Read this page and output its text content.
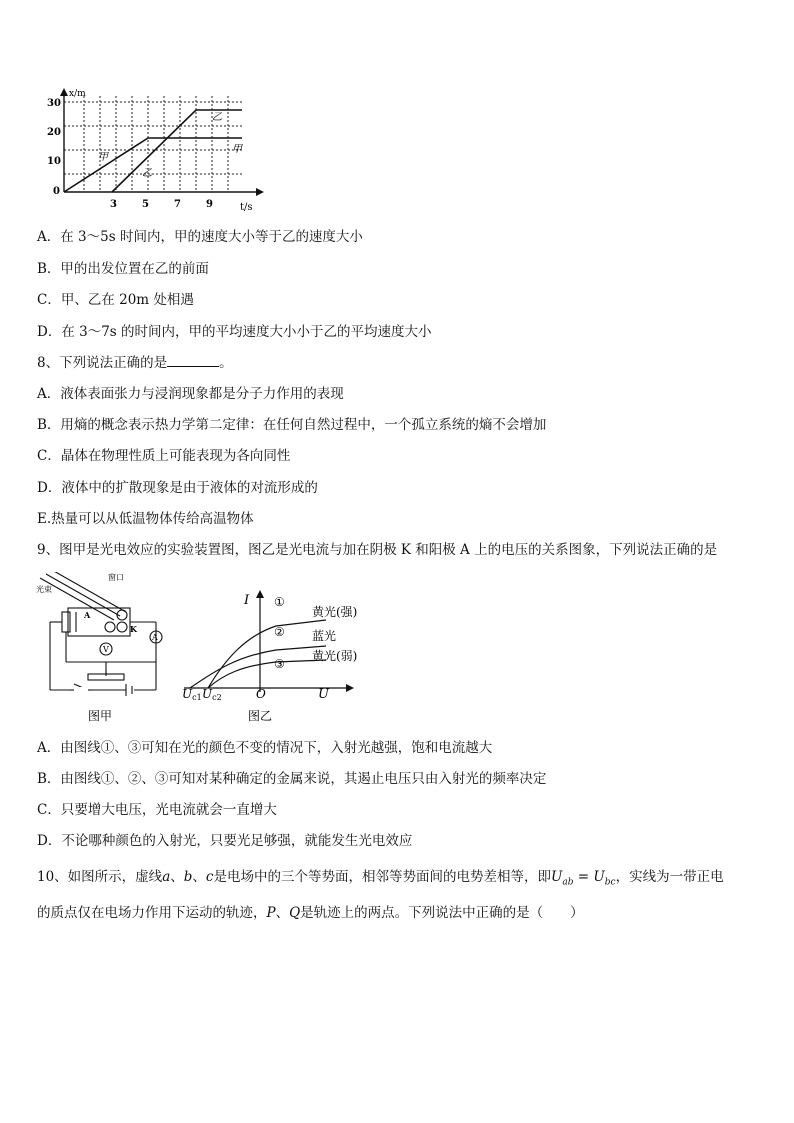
x/m
t/s
30
20
10
0
3	5	7	9
甲
甲
乙
乙
A．在 3～5s 时间内，甲的速度大小等于乙的速度大小
B．甲的出发位置在乙的前面
C．甲、乙在 20m 处相遇
D．在 3～7s 的时间内，甲的平均速度大小小于乙的平均速度大小
8、下列说法正确的是	。
A．液体表面张力与浸润现象都是分子力作用的表现
B．用熵的概念表示热力学第二定律：在任何自然过程中，一个孤立系统的熵不会增加
C．晶体在物理性质上可能表现为各向同性
D．液体中的扩散现象是由于液体的对流形成的
E.热量可以从低温物体传给高温物体
9、图甲是光电效应的实验装置图，图乙是光电流与加在阴极 K 和阳极 A 上的电压的关系图象，下列说法正确的是
光束
窗口
A
K
A
V
图甲
I
U
O
Uc1 Uc2
①
②
③
黄光(强)
蓝光
黄光(弱)
图乙
A．由图线①、③可知在光的颜色不变的情况下，入射光越强，饱和电流越大
B．由图线①、②、③可知对某种确定的金属来说，其遏止电压只由入射光的频率决定
C．只要增大电压，光电流就会一直增大
D．不论哪种颜色的入射光，只要光足够强，就能发生光电效应
10、如图所示，虚线a、b、c是电场中的三个等势面，相邻等势面间的电势差相等，即$U_{ab} = U_{bc}$，实线为一带正电
的质点仅在电场力作用下运动的轨迹，P、Q是轨迹上的两点。下列说法中正确的是（　　）
